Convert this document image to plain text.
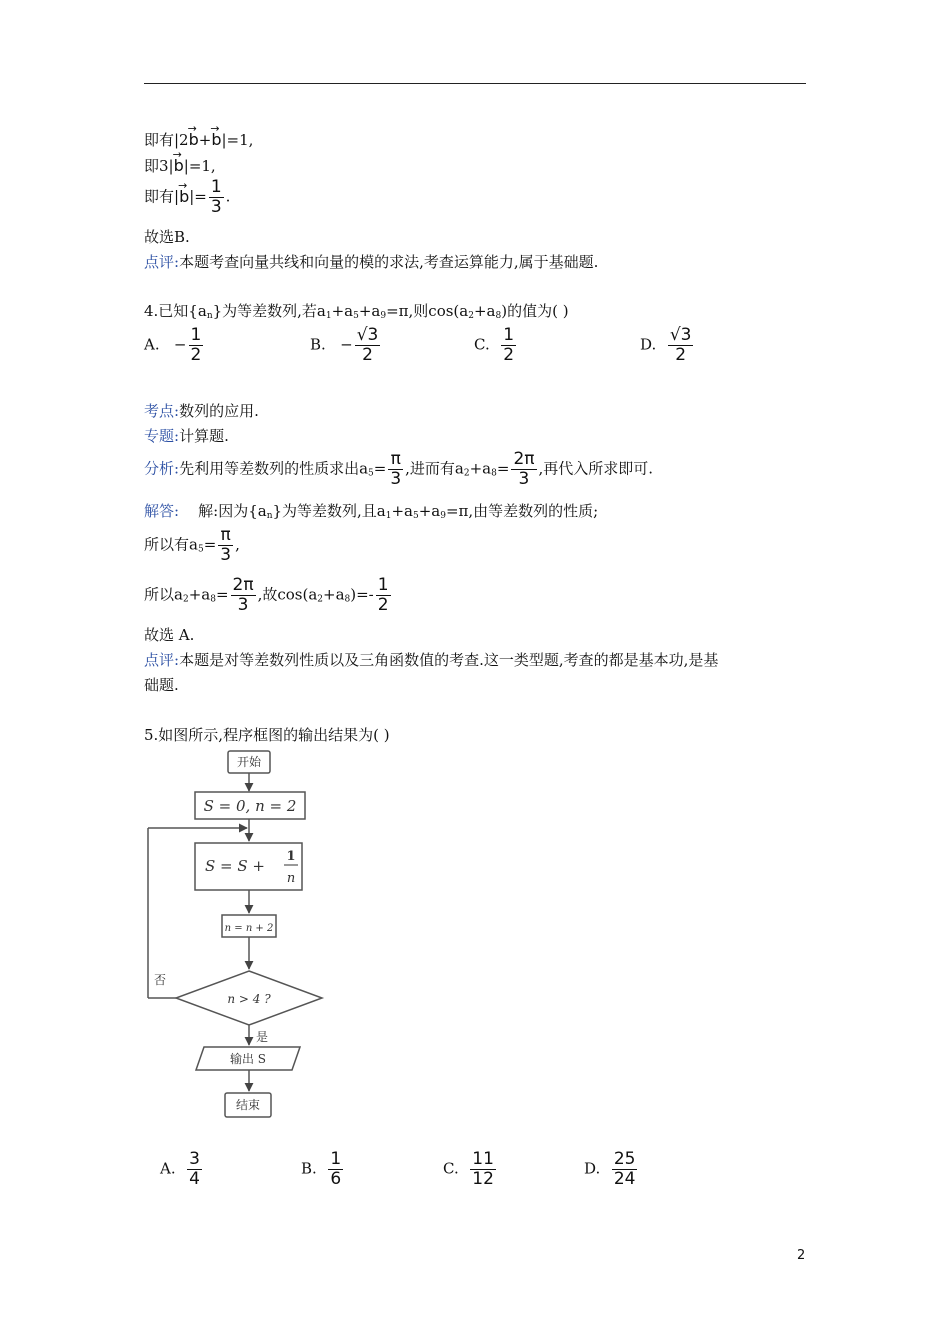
即有|2→ b+→ b|=1,
即3|→ b|=1,
即有|→ $b|= \frac{1}{3}$ .
故选B.
点评:本题考查向量共线和向量的模的求法,考查运算能力,属于基础题.
4.已知$\{a_n\}$为等差数列,若$a_1+a_5+a_9=\pi$,则$\cos(a_2+a_8)$的值为( )
A. − $\frac{1}{2}$	B. − $\frac{√3}{2}$	C. $\frac{1}{2}$	D. $\frac{√3}{2}$
考点:数列的应用.
专题:计算题.
分析:先利用等差数列的性质求出$a_5= \frac{\pi}{3}$ ,进而有$a_2+a_8= \frac{2\pi}{3}$ ,再代入所求即可.
解答: 解:因为$\{a_n\}$为等差数列,且$a_1+a_5+a_9=\pi$,由等差数列的性质;
所以有$a_5= \frac{\pi}{3}$ ,
所以$a_2+a_8= \frac{2\pi}{3}$ ,故$\cos(a_2+a_8)=- \frac{1}{2}$
故选 A.
点评:本题是对等差数列性质以及三角函数值的考查.这一类型题,考查的都是基本功,是基
础题.
5.如图所示,程序框图的输出结果为( )
开始
S = 0, n = 2
S = S +
1
n
n = n + 2
n > 4 ?
否
是
输出 S
结束
A. $\frac{3}{4}$	B. $\frac{1}{6}$	C. $\frac{11}{12}$	D. $\frac{25}{24}$
2
